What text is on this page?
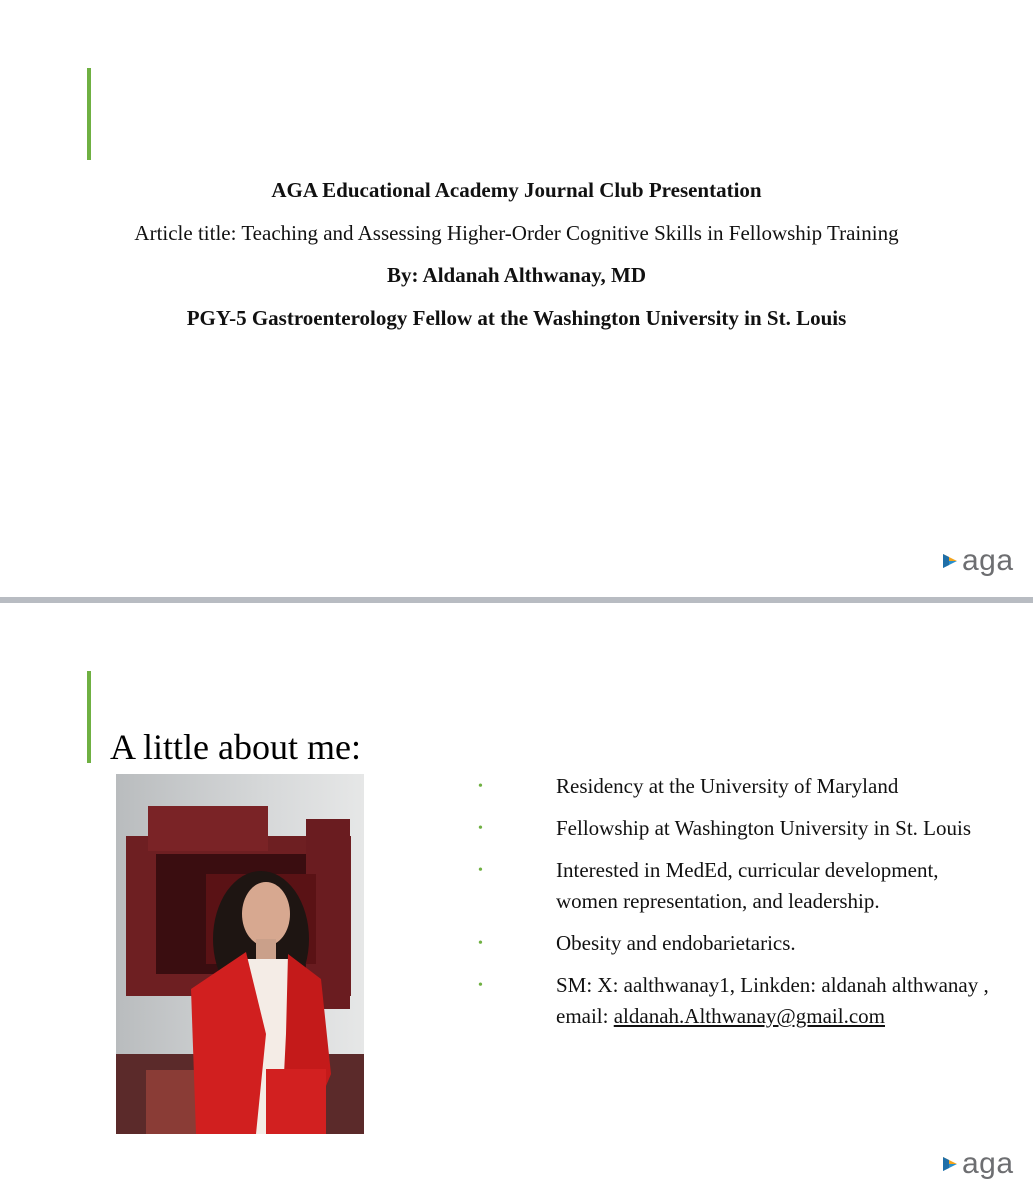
AGA Educational Academy Journal Club Presentation
Article title: Teaching and Assessing Higher-Order Cognitive Skills in Fellowship Training
By: Aldanah Althwanay, MD
PGY-5 Gastroenterology Fellow at the Washington University in St. Louis
aga
A little about me:
•	Residency at the University of Maryland
•	Fellowship at Washington University in St. Louis
•	Interested in MedEd, curricular development, women representation, and leadership.
•	Obesity and endobarietarics.
•	SM: X: aalthwanay1, Linkden: aldanah althwanay , email: aldanah.Althwanay@gmail.com
aga
